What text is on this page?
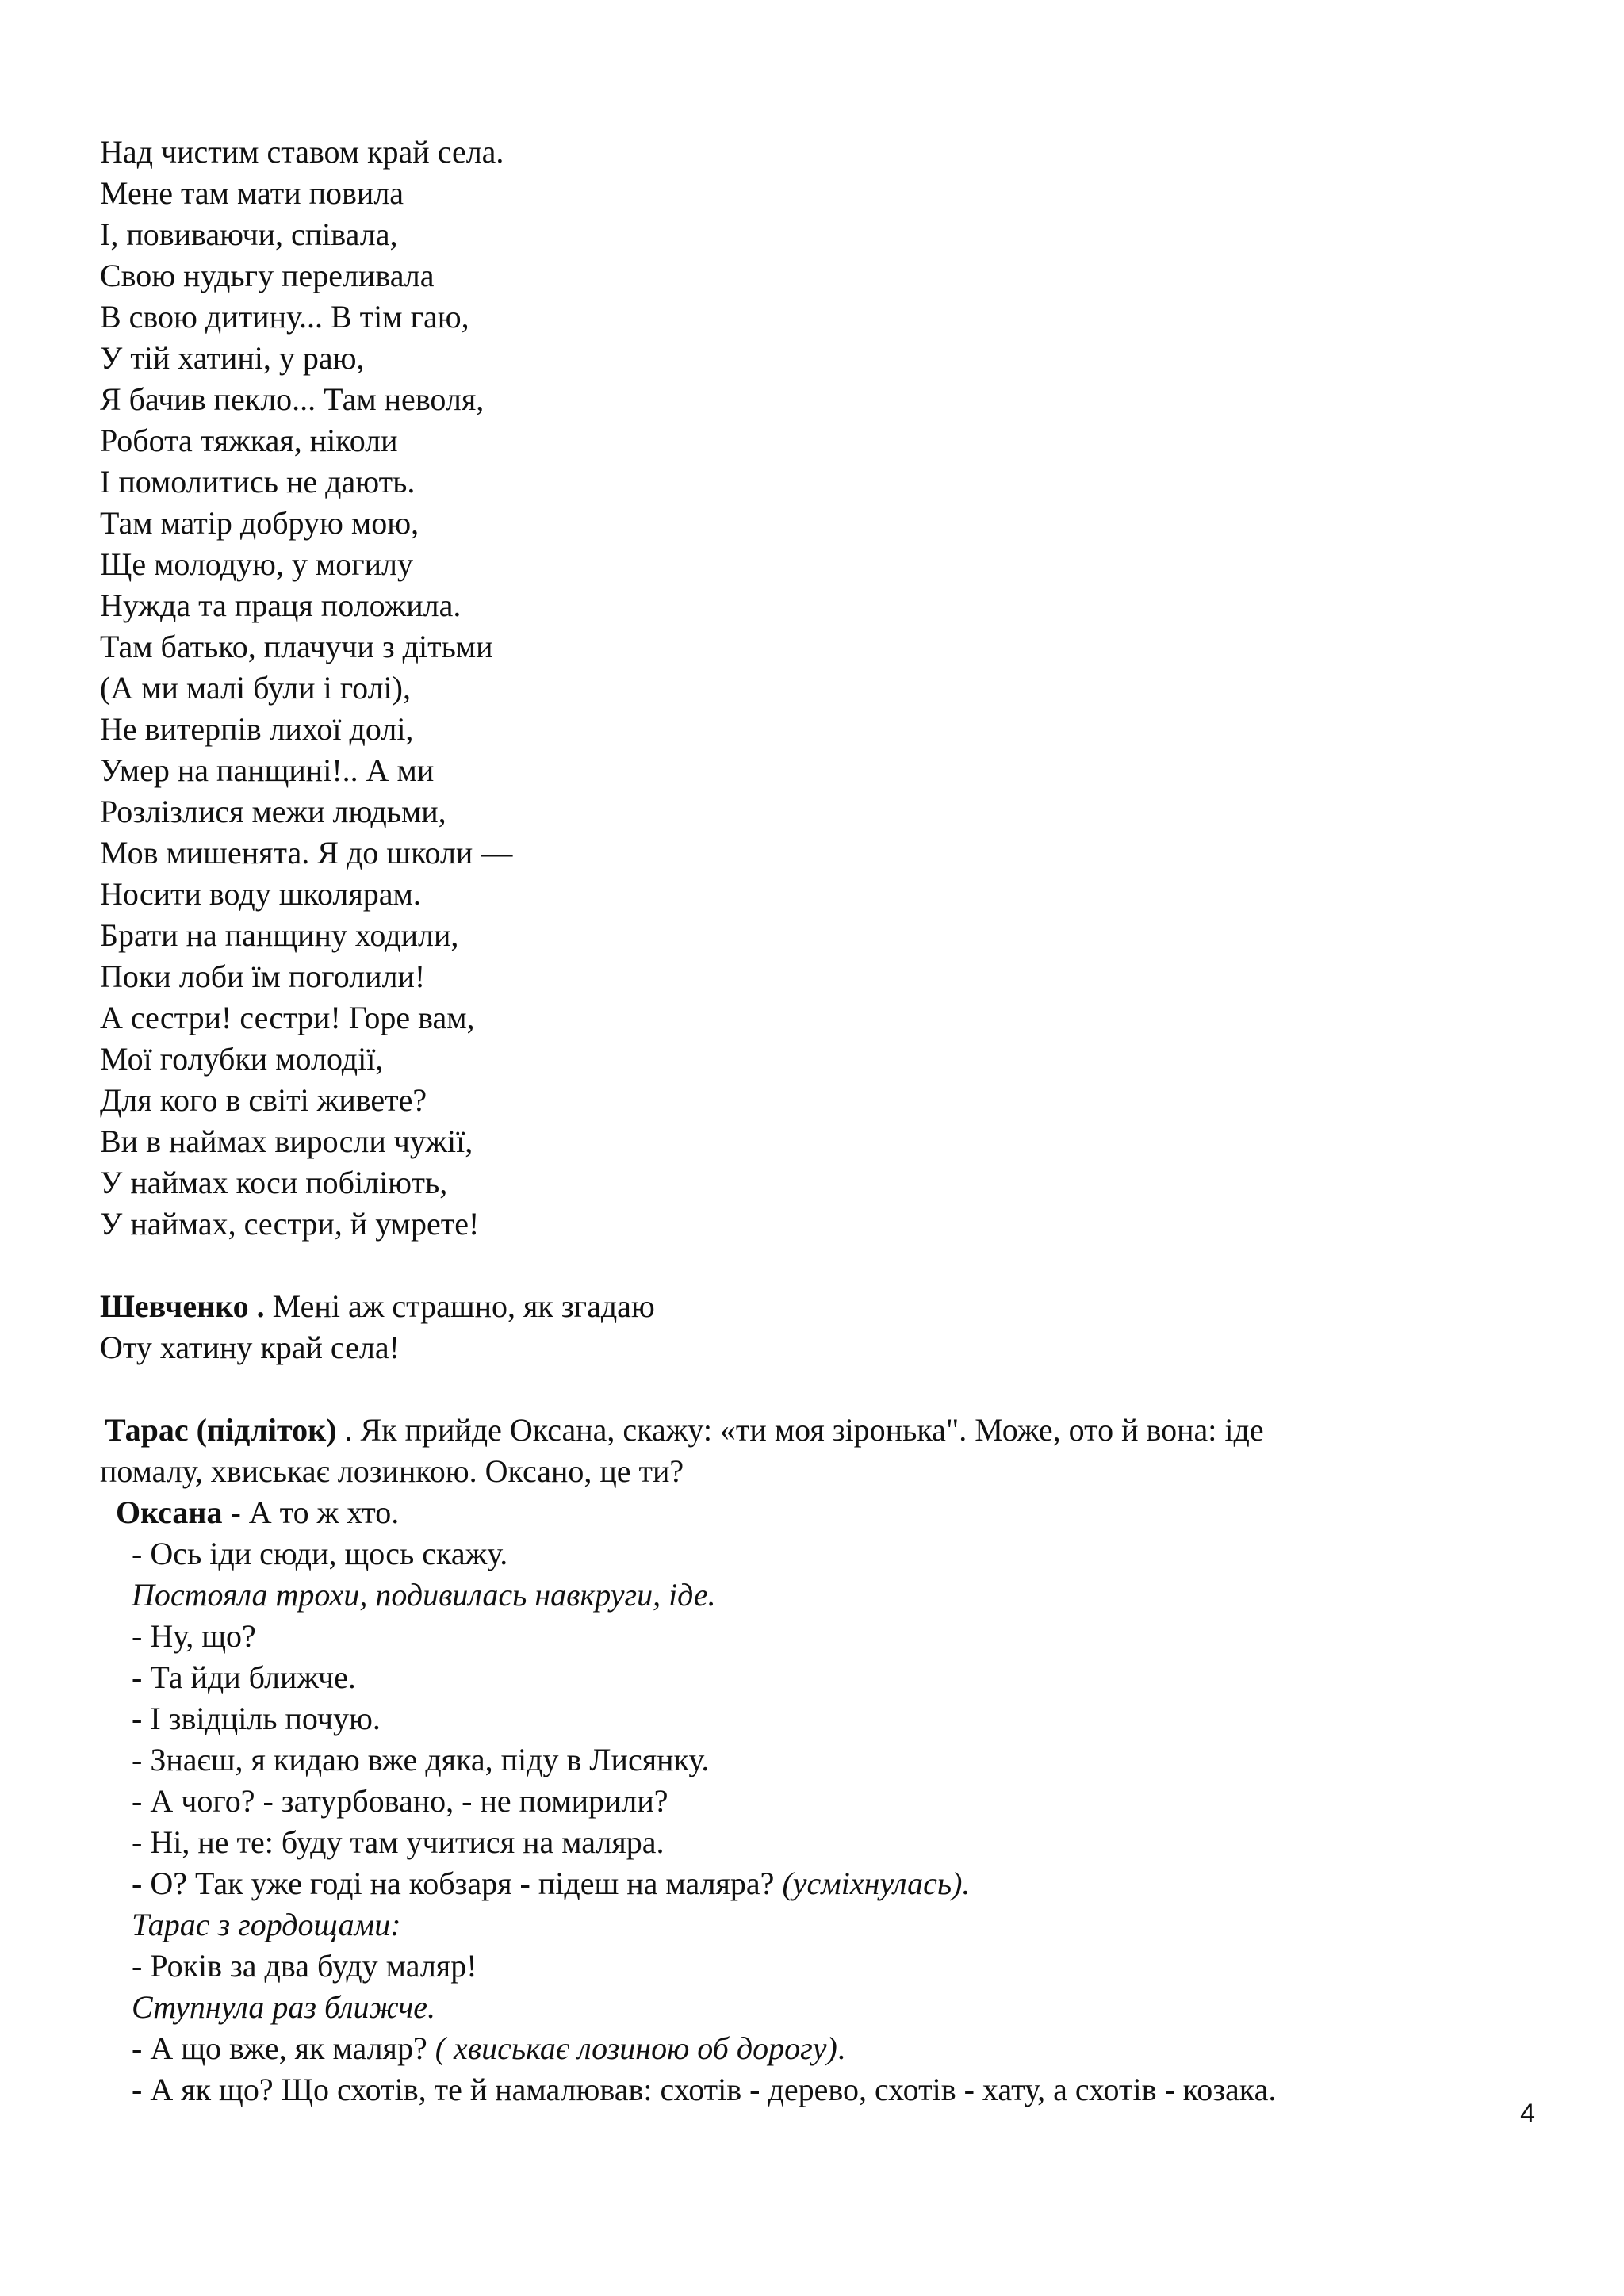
Над чистим ставом край села.

Мене там мати повила

І, повиваючи, співала,

Свою нудьгу переливала

В свою дитину... В тім гаю,

У тій хатині, у раю,

Я бачив пекло... Там неволя,

Робота тяжкая, ніколи

І помолитись не дають.

Там матір добрую мою,

Ще молодую, у могилу

Нужда та праця положила.

Там батько, плачучи з дітьми

(А ми малі були і голі),

Не витерпів лихої долі,

Умер на панщині!.. А ми

Розлізлися межи людьми,

Мов мишенята. Я до школи —

Носити воду школярам.

Брати на панщину ходили,

Поки лоби їм поголили!

А сестри! сестри! Горе вам,

Мої голубки молодії,

Для кого в світі живете?

Ви в наймах виросли чужії,

У наймах коси побіліють,

У наймах, сестри, й умрете!

Шевченко . Мені аж страшно, як згадаю

Оту хатину край села!

Тарас (підліток) . Як прийде Оксана, скажу: «ти моя зіронька". Може, ото й вона: іде

помалу, хвиськає лозинкою. Оксано, це ти?

Оксана - А то ж хто.

- Ось іди сюди, щось скажу.

Постояла трохи, подивилась навкруги, іде.

- Ну, що?

- Та йди ближче.

- І звідціль почую.

- Знаєш, я кидаю вже дяка, піду в Лисянку.

- А чого? - затурбовано, - не помирили?

- Ні, не те: буду там учитися на маляра.

- О? Так уже годі на кобзаря - підеш на маляра? (усміхнулась).

Тарас з гордощами:

- Років за два буду маляр!

Ступнула раз ближче.

- А що вже, як маляр? ( хвиськає лозиною об дорогу).

- А як що? Що схотів, те й намалював: схотів - дерево, схотів - хату, а схотів - козака.

4
